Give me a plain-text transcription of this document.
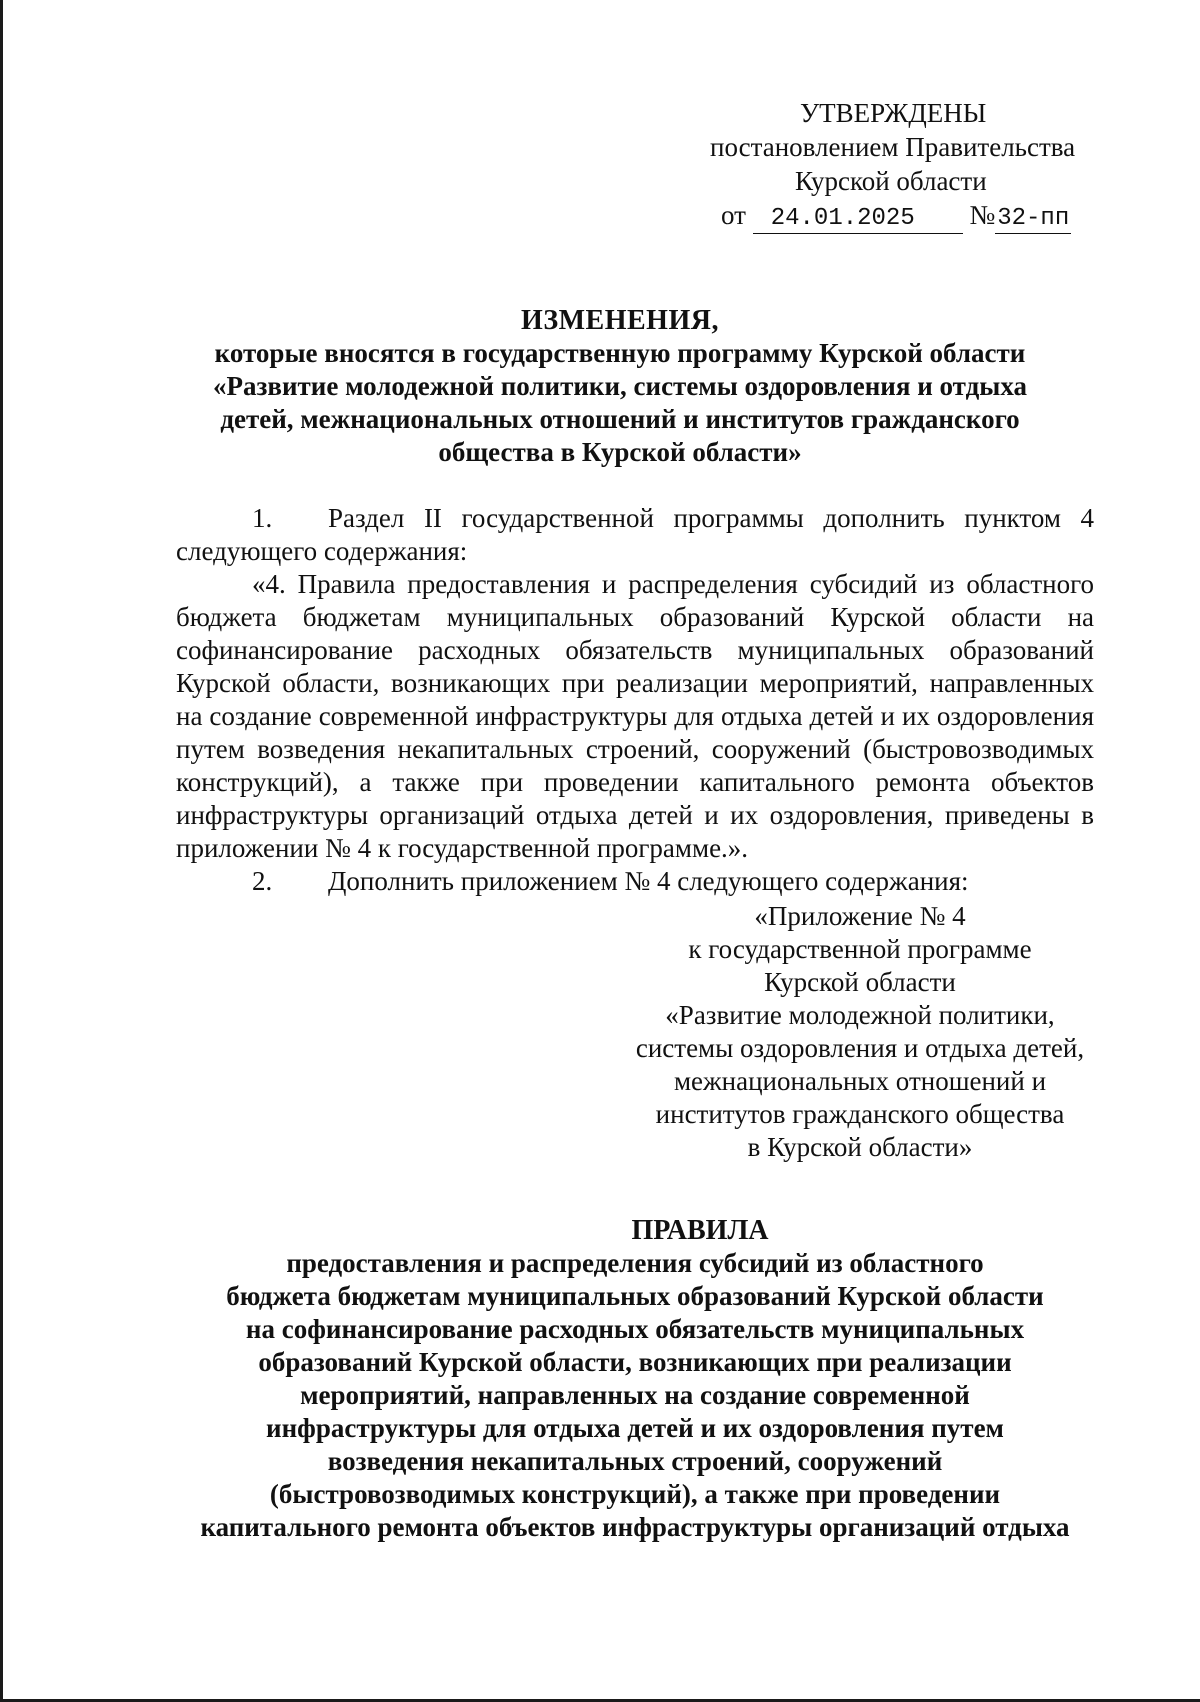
УТВЕРЖДЕНЫ
постановлением Правительства
Курской области
от 24.01.2025 №32-пп
ИЗМЕНЕНИЯ,
которые вносятся в государственную программу Курской области
«Развитие молодежной политики, системы оздоровления и отдыха
детей, межнациональных отношений и институтов гражданского
общества в Курской области»

1. Раздел II государственной программы дополнить пунктом 4 следующего содержания:

«4. Правила предоставления и распределения субсидий из областного бюджета бюджетам муниципальных образований Курской области на софинансирование расходных обязательств муниципальных образований Курской области, возникающих при реализации мероприятий, направленных на создание современной инфраструктуры для отдыха детей и их оздоровления путем возведения некапитальных строений, сооружений (быстровозводимых конструкций), а также при проведении капитального ремонта объектов инфраструктуры организаций отдыха детей и их оздоровления, приведены в приложении № 4 к государственной программе.».

2. Дополнить приложением № 4 следующего содержания:

«Приложение № 4
к государственной программе
Курской области
«Развитие молодежной политики,
системы оздоровления и отдыха детей,
межнациональных отношений и
институтов гражданского общества
в Курской области»
ПРАВИЛА
предоставления и распределения субсидий из областного
бюджета бюджетам муниципальных образований Курской области
на софинансирование расходных обязательств муниципальных
образований Курской области, возникающих при реализации
мероприятий, направленных на создание современной
инфраструктуры для отдыха детей и их оздоровления путем
возведения некапитальных строений, сооружений
(быстровозводимых конструкций), а также при проведении
капитального ремонта объектов инфраструктуры организаций отдыха
